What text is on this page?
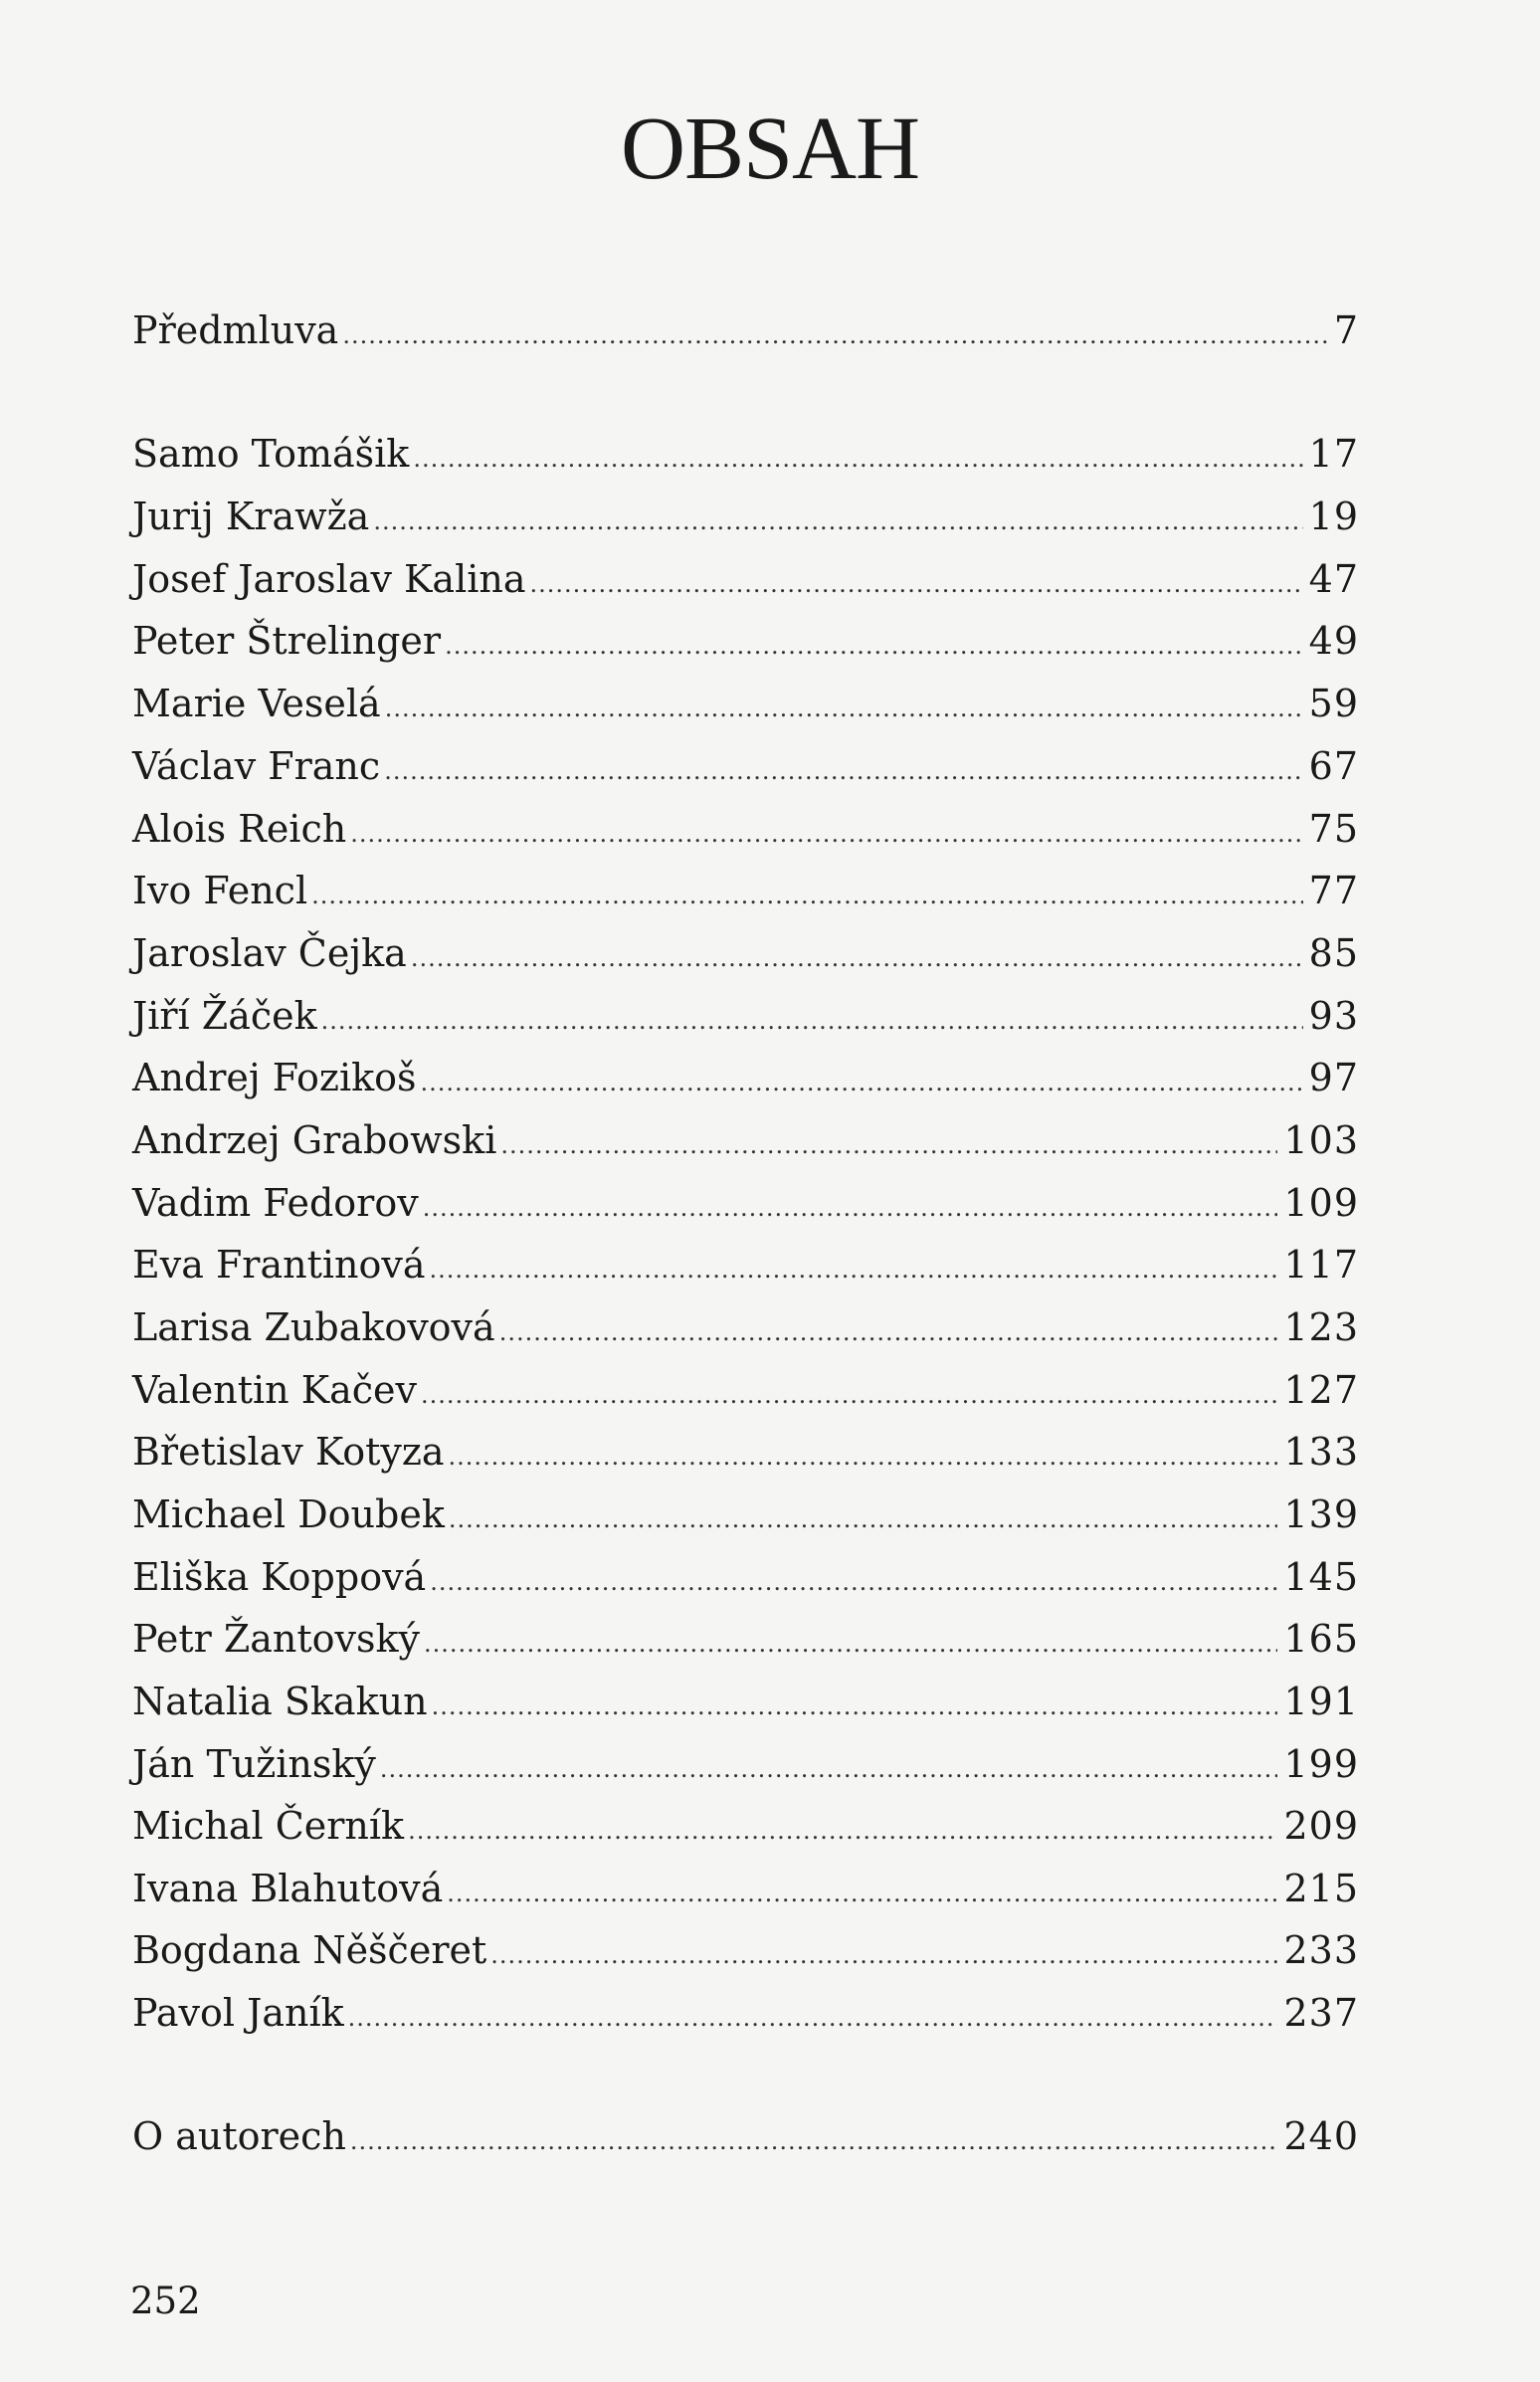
OBSAH
Předmluva .....	7
Samo Tomášik .....	17
Jurij Krawža .....	19
Josef Jaroslav Kalina .....	47
Peter Štrelinger .....	49
Marie Veselá .....	59
Václav Franc .....	67
Alois Reich .....	75
Ivo Fencl .....	77
Jaroslav Čejka .....	85
Jiří Žáček .....	93
Andrej Fozikoš .....	97
Andrzej Grabowski .....	103
Vadim Fedorov .....	109
Eva Frantinová .....	117
Larisa Zubakovová .....	123
Valentin Kačev .....	127
Břetislav Kotyza .....	133
Michael Doubek .....	139
Eliška Koppová .....	145
Petr Žantovský .....	165
Natalia Skakun .....	191
Ján Tužinský .....	199
Michal Černík .....	209
Ivana Blahutová .....	215
Bogdana Něščeret .....	233
Pavol Janík .....	237
O autorech .....	240
252
